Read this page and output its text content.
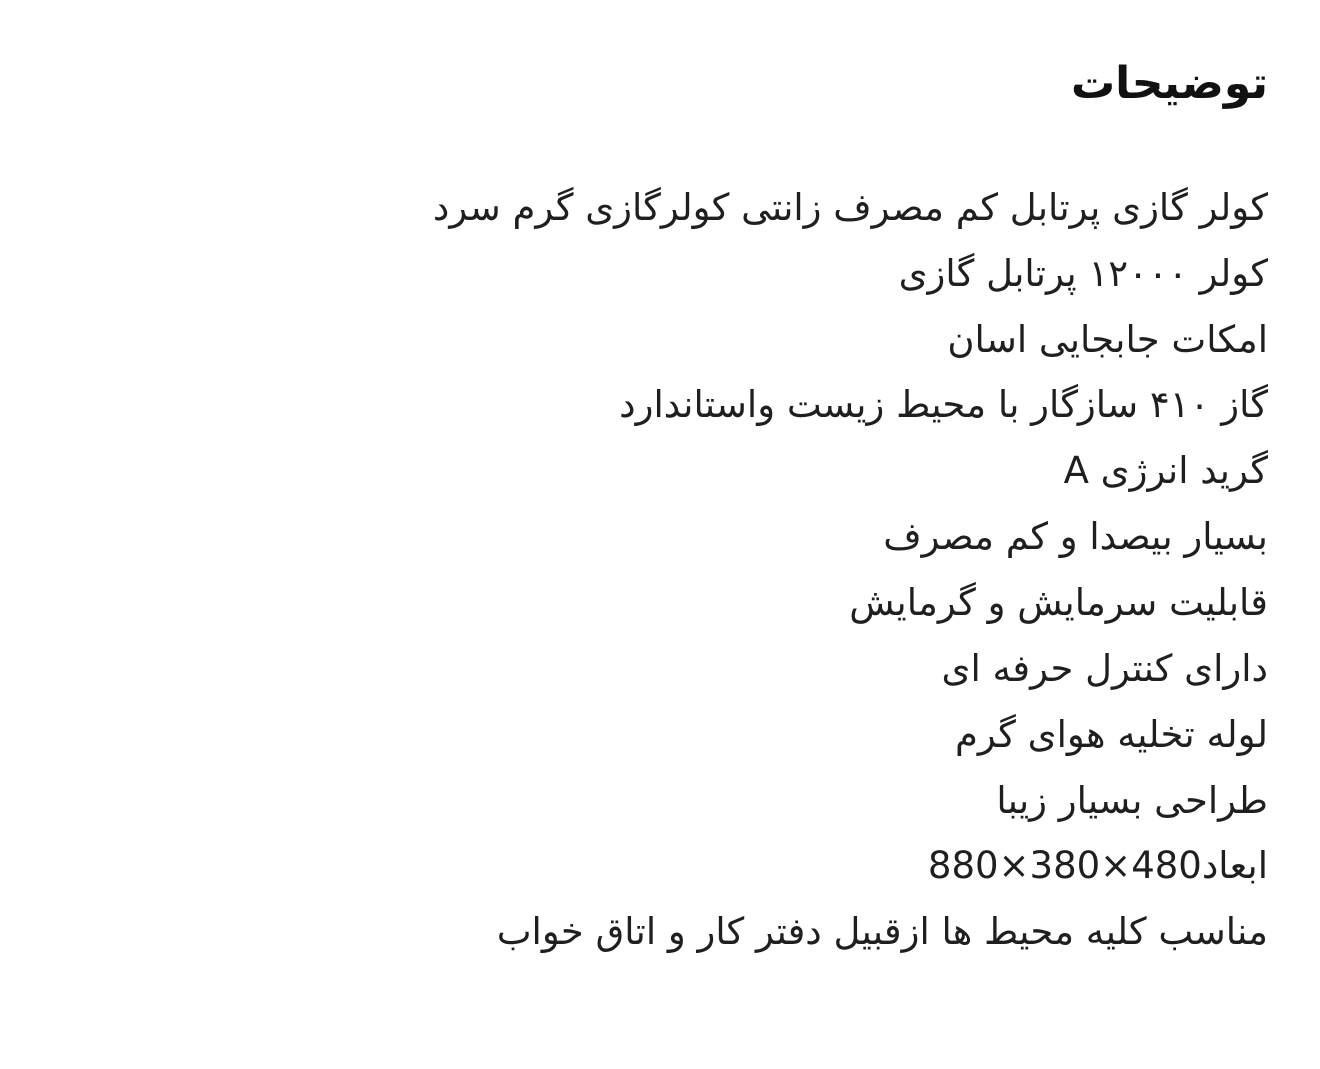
توضیحات
کولر گازی پرتابل کم مصرف زانتی کولرگازی گرم سرد
کولر ۱۲۰۰۰ پرتابل گازی
امکات جابجایی اسان
گاز ۴۱۰ سازگار با محیط زیست واستاندارد
گرید انرژی A
بسیار بیصدا و کم مصرف
قابلیت سرمایش و گرمایش
دارای کنترل حرفه ای
لوله تخلیه هوای گرم
طراحی بسیار زیبا
ابعاد480×380×880
مناسب کلیه محیط ها ازقبیل دفتر کار و اتاق خواب
